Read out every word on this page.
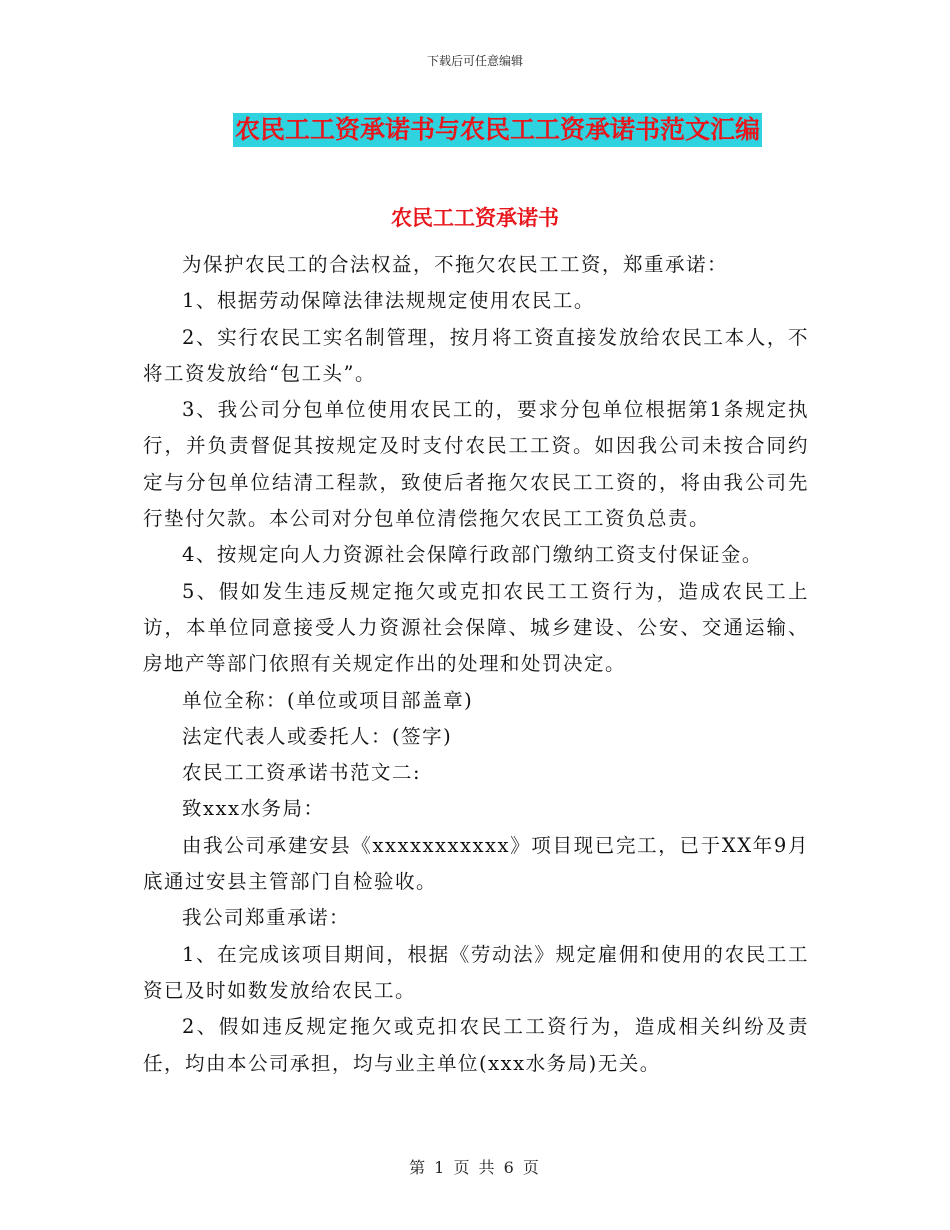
下载后可任意编辑
农民工工资承诺书与农民工工资承诺书范文汇编
农民工工资承诺书

为保护农民工的合法权益，不拖欠农民工工资，郑重承诺：

1、根据劳动保障法律法规规定使用农民工。

2、实行农民工实名制管理，按月将工资直接发放给农民工本人，不将工资发放给“包工头”。

3、我公司分包单位使用农民工的，要求分包单位根据第1条规定执行，并负责督促其按规定及时支付农民工工资。如因我公司未按合同约定与分包单位结清工程款，致使后者拖欠农民工工资的，将由我公司先行垫付欠款。本公司对分包单位清偿拖欠农民工工资负总责。

4、按规定向人力资源社会保障行政部门缴纳工资支付保证金。

5、假如发生违反规定拖欠或克扣农民工工资行为，造成农民工上访，本单位同意接受人力资源社会保障、城乡建设、公安、交通运输、房地产等部门依照有关规定作出的处理和处罚决定。

单位全称：(单位或项目部盖章)

法定代表人或委托人：(签字)

农民工工资承诺书范文二:

致xxx水务局：

由我公司承建安县《xxxxxxxxxxx》项目现已完工，已于XX年9月底通过安县主管部门自检验收。

我公司郑重承诺：

1、在完成该项目期间，根据《劳动法》规定雇佣和使用的农民工工资已及时如数发放给农民工。

2、假如违反规定拖欠或克扣农民工工资行为，造成相关纠纷及责任，均由本公司承担，均与业主单位(xxx水务局)无关。

第 1 页 共 6 页
